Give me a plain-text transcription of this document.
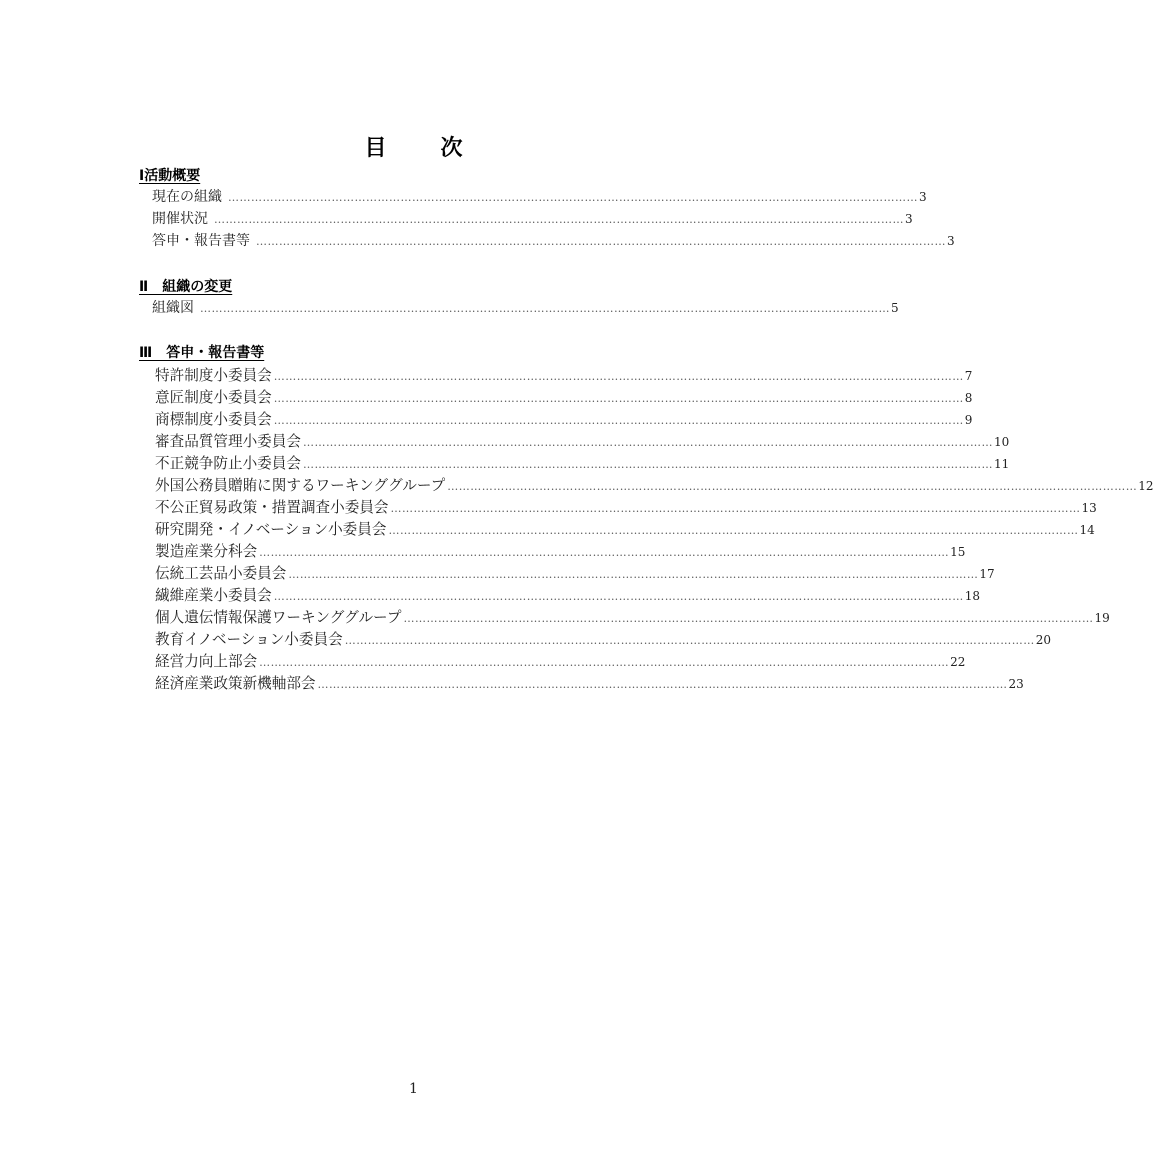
目　次
Ⅰ活動概要
現在の組織 ……………………………………………………………………………………………………………………………………………………………… 3
開催状況 ……………………………………………………………………………………………………………………………………………………………… 3
答申・報告書等 ……………………………………………………………………………………………………………………………………………………………… 3
Ⅱ　組織の変更
組織図 ……………………………………………………………………………………………………………………………………………………………… 5
Ⅲ　答申・報告書等
特許制度小委員会 ……………………………………………………………………………………………………………………………………………………………… 7
意匠制度小委員会 ……………………………………………………………………………………………………………………………………………………………… 8
商標制度小委員会 ……………………………………………………………………………………………………………………………………………………………… 9
審査品質管理小委員会 ……………………………………………………………………………………………………………………………………………………………… 10
不正競争防止小委員会 ……………………………………………………………………………………………………………………………………………………………… 11
外国公務員贈賄に関するワーキンググループ ……………………………………………………………………………………………………………………………………………………………… 12
不公正貿易政策・措置調査小委員会 ……………………………………………………………………………………………………………………………………………………………… 13
研究開発・イノベーション小委員会 ……………………………………………………………………………………………………………………………………………………………… 14
製造産業分科会 ……………………………………………………………………………………………………………………………………………………………… 15
伝統工芸品小委員会 ……………………………………………………………………………………………………………………………………………………………… 17
繊維産業小委員会 ……………………………………………………………………………………………………………………………………………………………… 18
個人遺伝情報保護ワーキンググループ ……………………………………………………………………………………………………………………………………………………………… 19
教育イノベーション小委員会 ……………………………………………………………………………………………………………………………………………………………… 20
経営力向上部会 ……………………………………………………………………………………………………………………………………………………………… 22
経済産業政策新機軸部会 ……………………………………………………………………………………………………………………………………………………………… 23
1
